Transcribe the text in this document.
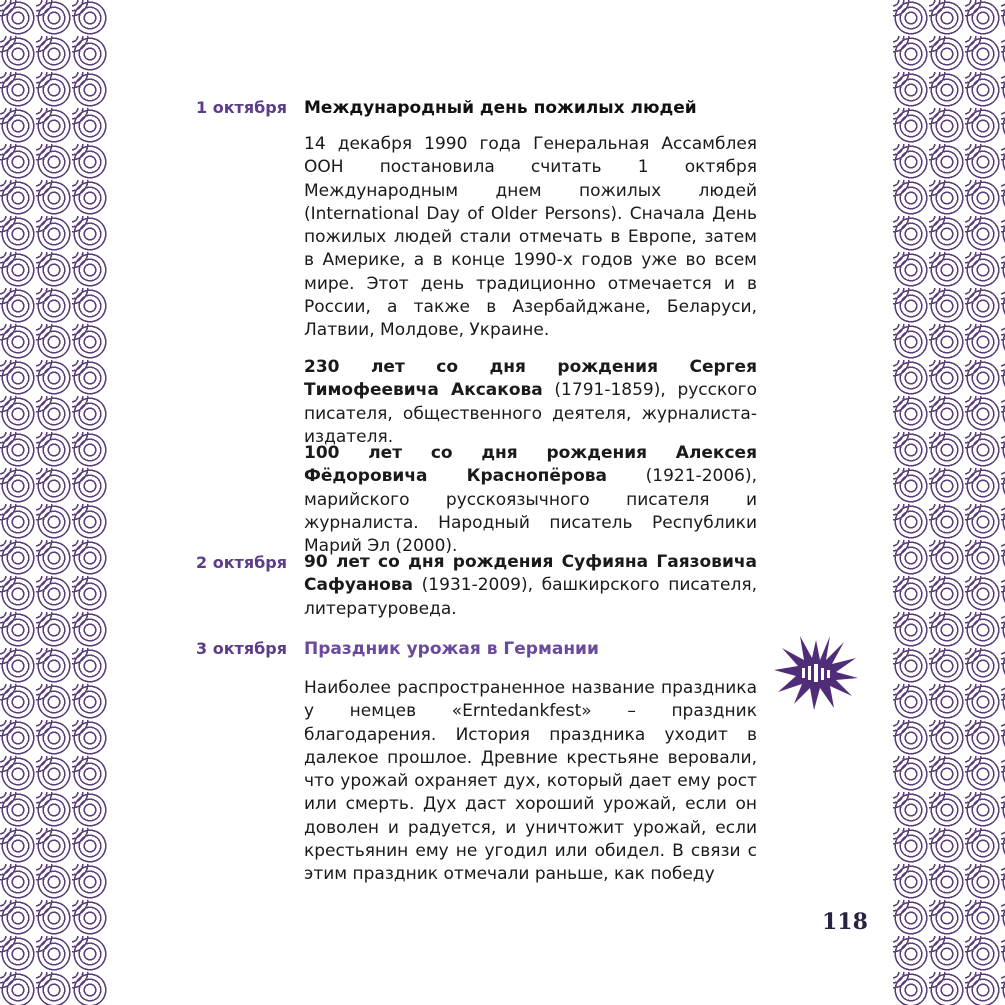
1 октября Международный день пожилых людей
14 декабря 1990 года Генеральная Ассамблея ООН постановила считать 1 октября Международным днем пожилых людей (International Day of Older Persons). Сначала День пожилых людей стали отмечать в Европе, затем в Америке, а в конце 1990-х годов уже во всем мире. Этот день традиционно отмечается и в России, а также в Азербайджане, Беларуси, Латвии, Молдове, Украине.
230 лет со дня рождения Сергея Тимофеевича Аксакова (1791-1859), русского писателя, общественного деятеля, журналиста-издателя.
100 лет со дня рождения Алексея Фёдоровича Краснопёрова (1921-2006), марийского русскоязычного писателя и журналиста. Народный писатель Республики Марий Эл (2000).
2 октября 90 лет со дня рождения Суфияна Гаязовича Сафуанова (1931-2009), башкирского писателя, литературоведа.
3 октября Праздник урожая в Германии
Наиболее распространенное название праздника у немцев «Erntedankfest» – праздник благодарения. История праздника уходит в далекое прошлое. Древние крестьяне веровали, что урожай охраняет дух, который дает ему рост или смерть. Дух даст хороший урожай, если он доволен и радуется, и уничтожит урожай, если крестьянин ему не угодил или обидел. В связи с этим праздник отмечали раньше, как победу
118
